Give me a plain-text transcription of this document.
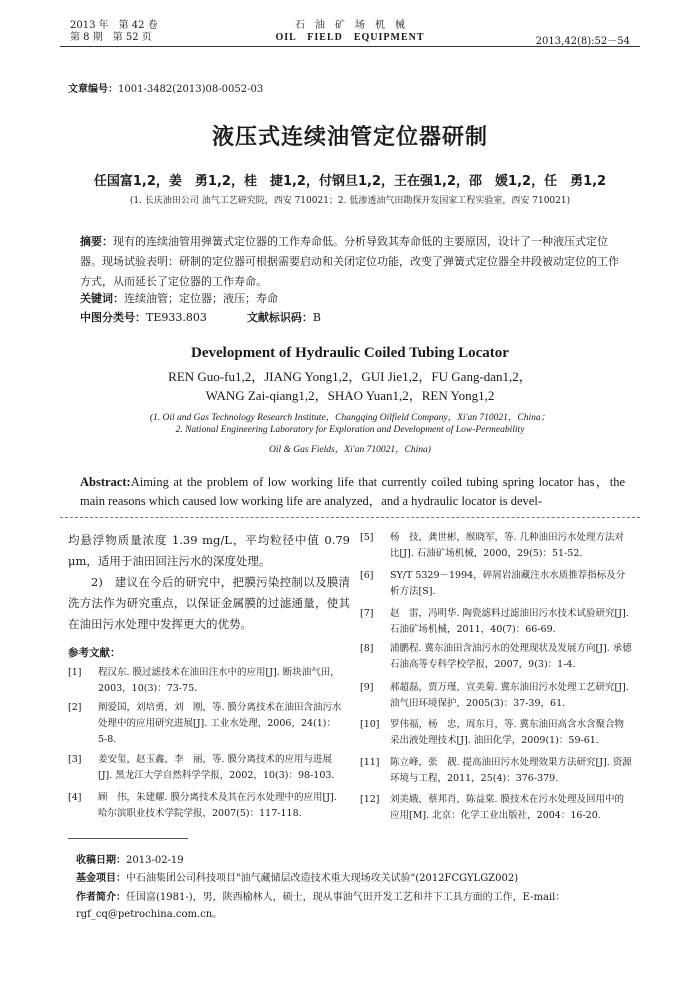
2013 年　第 42 卷
第 8 期　第 52 页
石　油　矿　场　机　械
OIL　FIELD　EQUIPMENT	2013,42(8):52－54
文章编号：1001-3482(2013)08-0052-03
液压式连续油管定位器研制
任国富1,2，姜　勇1,2，桂　捷1,2，付钢旦1,2，王在强1,2，邵　媛1,2，任　勇1,2
(1. 长庆油田公司 油气工艺研究院，西安 710021；2. 低渗透油气田勘探开发国家工程实验室，西安 710021)
摘要：现有的连续油管用弹簧式定位器的工作寿命低。分析导致其寿命低的主要原因，设计了一种液压式定位器。现场试验表明：研制的定位器可根据需要启动和关闭定位功能，改变了弹簧式定位器全井段被动定位的工作方式，从而延长了定位器的工作寿命。
关键词：连续油管；定位器；液压；寿命
中图分类号：TE933.803	文献标识码：B
Development of Hydraulic Coiled Tubing Locator
REN Guo-fu1,2，JIANG Yong1,2，GUI Jie1,2，FU Gang-dan1,2，
WANG Zai-qiang1,2，SHAO Yuan1,2，REN Yong1,2
(1. Oil and Gas Technology Research Institute，Changqing Oilfield Company，Xi'an 710021，China；
2. National Engineering Laboratory for Exploration and Development of Low-Permeability
Oil & Gas Fields，Xi'an 710021，China)
Abstract:Aiming at the problem of low working life that currently coiled tubing spring locator has，the main reasons which caused low working life are analyzed，and a hydraulic locator is devel-

均悬浮物质量浓度 1.39 mg/L，平均粒径中值 0.79 μm，适用于油田回注污水的深度处理。

2)　建议在今后的研究中，把膜污染控制以及膜清洗方法作为研究重点，以保证金属膜的过滤通量，使其在油田污水处理中发挥更大的优势。

参考文献：
[1]	程汉东. 膜过滤技术在油田注水中的应用[J]. 断块油气田，2003，10(3)：73-75.
[2]	阐爱国，刘培勇，刘　刚，等. 膜分离技术在油田含油污水处理中的应用研究进展[J]. 工业水处理，2006，24(1)：5-8.
[3]	姜安玺，赵玉鑫，李　丽，等. 膜分离技术的应用与进展[J]. 黑龙江大学自然科学学报，2002，10(3)：98-103.
[4]	顾　伟，朱建耀. 膜分离技术及其在污水处理中的应用[J]. 哈尔滨职业技术学院学报，2007(5)：117-118.
[5]	杨　技，龚世彬，缑晓军，等. 几种油田污水处理方法对比[J]. 石油矿场机械，2000，29(5)：51-52.
[6]	SY/T 5329－1994，碎屑岩油藏注水水质推荐指标及分析方法[S].
[7]	赵　雷，冯明华. 陶瓷滤料过滤油田污水技术试验研究[J]. 石油矿场机械，2011，40(7)：66-69.
[8]	浦鹏程. 冀东油田含油污水的处理现状及发展方向[J]. 承德石油高等专科学校学报，2007，9(3)：1-4.
[9]	郝超磊，贾万瑾，宣美菊. 冀东油田污水处理工艺研究[J]. 油气田环境保护，2005(3)：37-39，61.
[10]	罗伟福，杨　忠，周东月，等. 冀东油田高含水含聚合物采出液处理技术[J]. 油田化学，2009(1)：59-61.
[11]	陈立峰，张　靓. 提高油田污水处理效果方法研究[J]. 资源环境与工程，2011，25(4)：376-379.
[12]	刘美娥，蔡邦肖，陈益棠. 膜技术在污水处理及回用中的应用[M]. 北京：化学工业出版社，2004：16-20.
收稿日期：2013-02-19
基金项目：中石油集团公司科技项目"油气藏储层改造技术重大现场攻关试验"(2012FCGYLGZ002)
作者简介：任国富(1981-)，男，陕西榆林人，硕士，现从事油气田开发工艺和井下工具方面的工作，E-mail：rgf_cq@petrochina.com.cn。
